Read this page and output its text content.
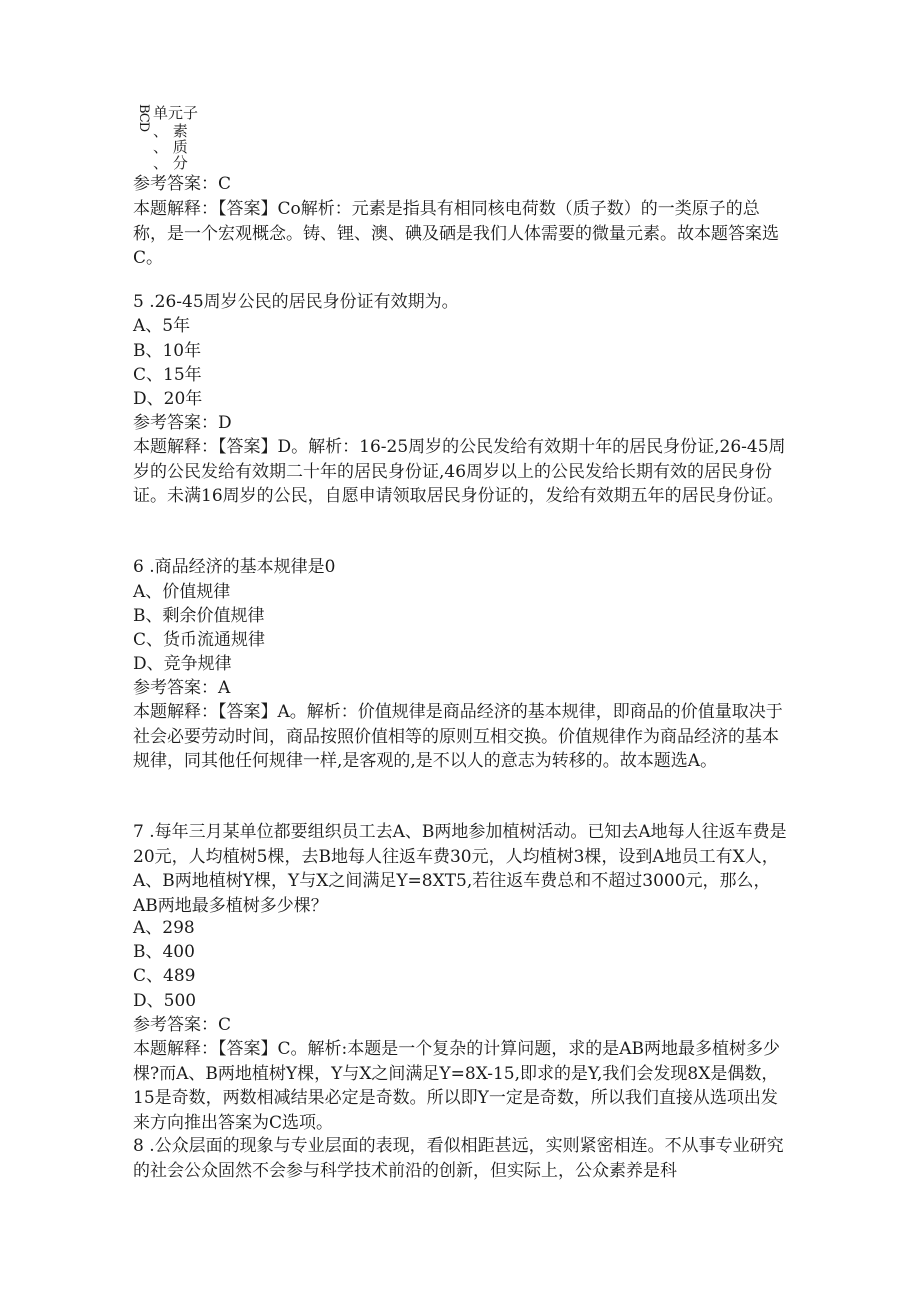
BCD 单元子
、 素
、 质
、 分
参考答案：C
本题解释：【答案】Co解析：元素是指具有相同核电荷数（质子数）的一类原子的总称，是一个宏观概念。铸、锂、澳、碘及硒是我们人体需要的微量元素。故本题答案选C。
5 .26-45周岁公民的居民身份证有效期为。
A、5年
B、10年
C、15年
D、20年
参考答案：D
本题解释：【答案】D。解析：16-25周岁的公民发给有效期十年的居民身份证,26-45周岁的公民发给有效期二十年的居民身份证,46周岁以上的公民发给长期有效的居民身份证。未满16周岁的公民，自愿申请领取居民身份证的，发给有效期五年的居民身份证。
6 .商品经济的基本规律是0
A、价值规律
B、剩余价值规律
C、货币流通规律
D、竞争规律
参考答案：A
本题解释：【答案】A。解析：价值规律是商品经济的基本规律，即商品的价值量取决于社会必要劳动时间，商品按照价值相等的原则互相交换。价值规律作为商品经济的基本规律，同其他任何规律一样,是客观的,是不以人的意志为转移的。故本题选A。
7 .每年三月某单位都要组织员工去A、B两地参加植树活动。已知去A地每人往返车费是20元，人均植树5棵，去B地每人往返车费30元，人均植树3棵，设到A地员工有X人，A、B两地植树Y棵，Y与X之间满足Y=8XT5,若往返车费总和不超过3000元，那么，AB两地最多植树多少棵？
A、298
B、400
C、489
D、500
参考答案：C
本题解释：【答案】C。解析:本题是一个复杂的计算问题，求的是AB两地最多植树多少棵?而A、B两地植树Y棵，Y与X之间满足Y=8X-15,即求的是Y,我们会发现8X是偶数，15是奇数，两数相减结果必定是奇数。所以即Y一定是奇数，所以我们直接从选项出发来方向推出答案为C选项。
8 .公众层面的现象与专业层面的表现，看似相距甚远，实则紧密相连。不从事专业研究的社会公众固然不会参与科学技术前沿的创新，但实际上，公众素养是科
